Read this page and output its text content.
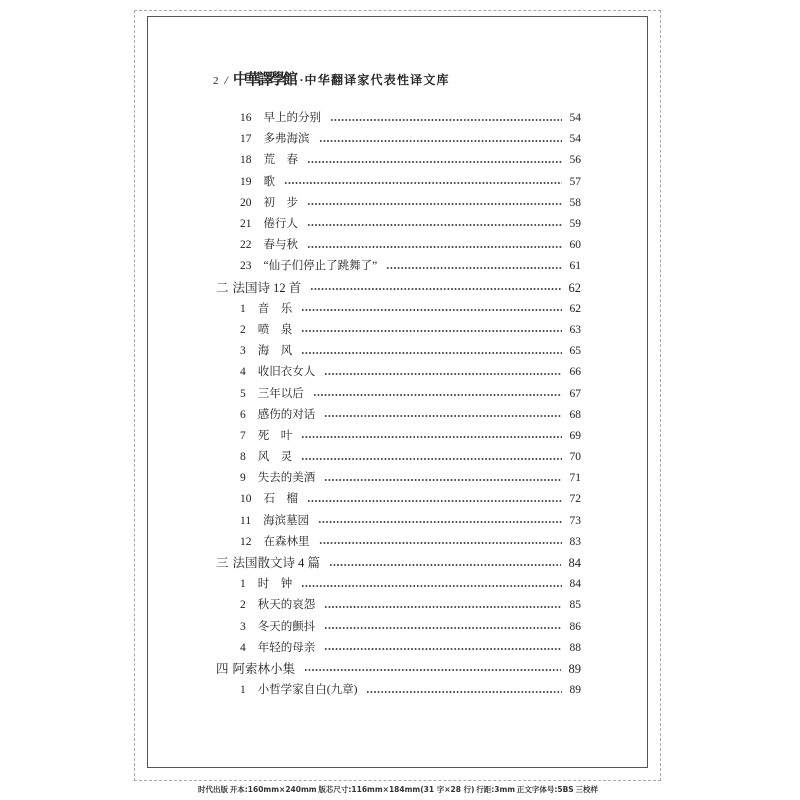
2 / 中華譯學館 ·中华翻译家代表性译文库
16 早上的分别	54
17 多弗海滨	54
18 荒　春	56
19 歌	57
20 初　步	58
21 倦行人	59
22 春与秋	60
23 “仙子们停止了跳舞了”	61
二 法国诗 12 首	62
1 音　乐	62
2 喷　泉	63
3 海　风	65
4 收旧衣女人	66
5 三年以后	67
6 感伤的对话	68
7 死　叶	69
8 风　灵	70
9 失去的美酒	71
10 石　榴	72
11 海滨墓园	73
12 在森林里	83
三 法国散文诗 4 篇	84
1 时　钟	84
2 秋天的哀怨	85
3 冬天的颤抖	86
4 年轻的母亲	88
四 阿索林小集	89
1 小哲学家自白(九章)	89
时代出版 开本:160mm×240mm 版芯尺寸:116mm×184mm(31 字×28 行) 行距:3mm 正文字体号:5BS 三校样
